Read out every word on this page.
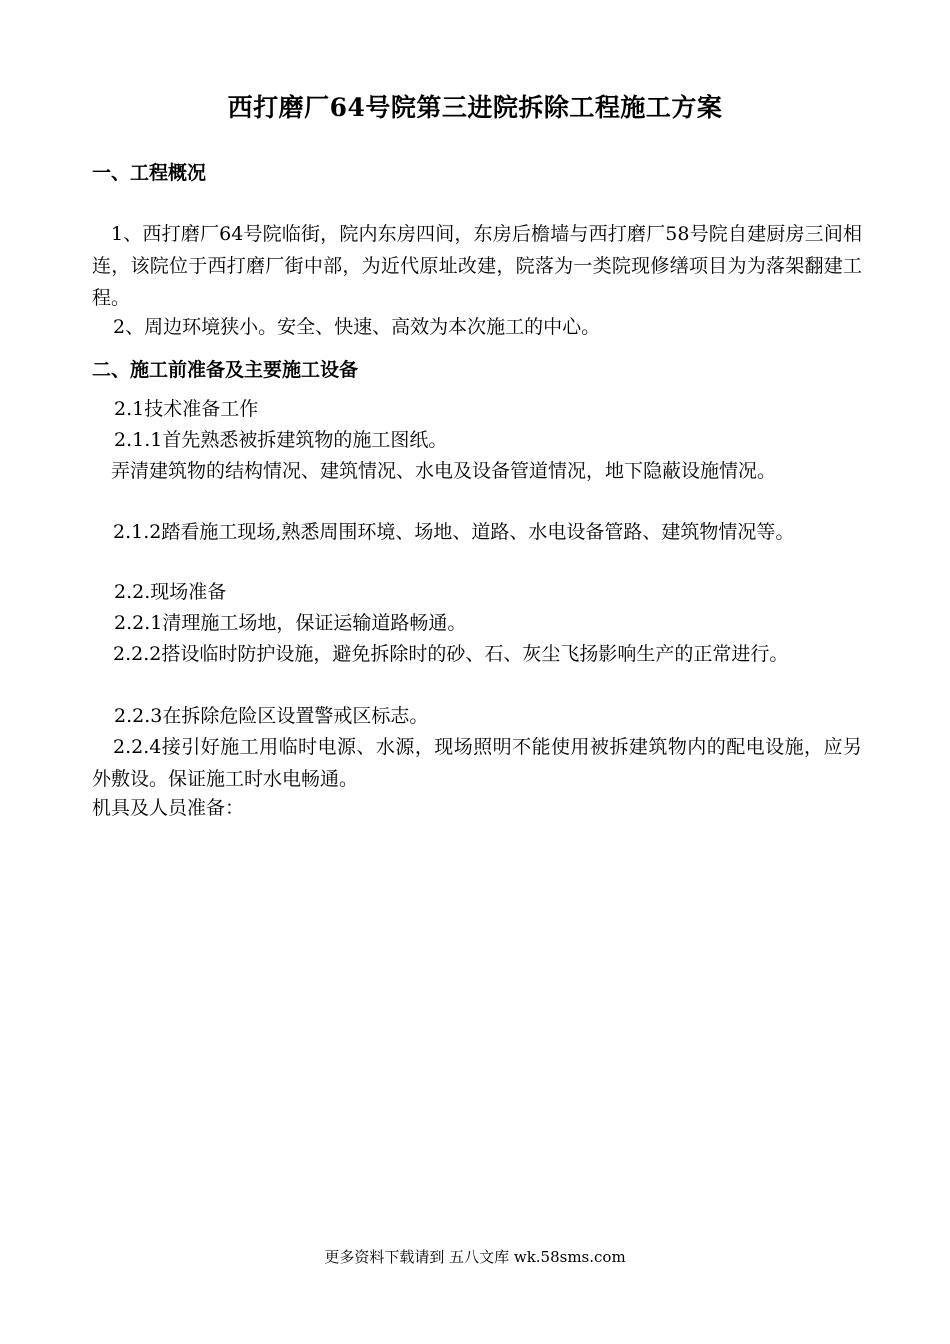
西打磨厂64号院第三进院拆除工程施工方案
一、工程概况
1、西打磨厂64号院临街，院内东房四间，东房后檐墙与西打磨厂58号院自建厨房三间相连，该院位于西打磨厂街中部，为近代原址改建，院落为一类院现修缮项目为为落架翻建工程。
2、周边环境狭小。安全、快速、高效为本次施工的中心。
二、施工前准备及主要施工设备
2.1技术准备工作
2.1.1首先熟悉被拆建筑物的施工图纸。
弄清建筑物的结构情况、建筑情况、水电及设备管道情况，地下隐蔽设施情况。
2.1.2踏看施工现场,熟悉周围环境、场地、道路、水电设备管路、建筑物情况等。
2.2.现场准备
2.2.1清理施工场地，保证运输道路畅通。
2.2.2搭设临时防护设施，避免拆除时的砂、石、灰尘飞扬影响生产的正常进行。
2.2.3在拆除危险区设置警戒区标志。
2.2.4接引好施工用临时电源、水源，现场照明不能使用被拆建筑物内的配电设施，应另外敷设。保证施工时水电畅通。
机具及人员准备：
更多资料下载请到 五八文库 wk.58sms.com
